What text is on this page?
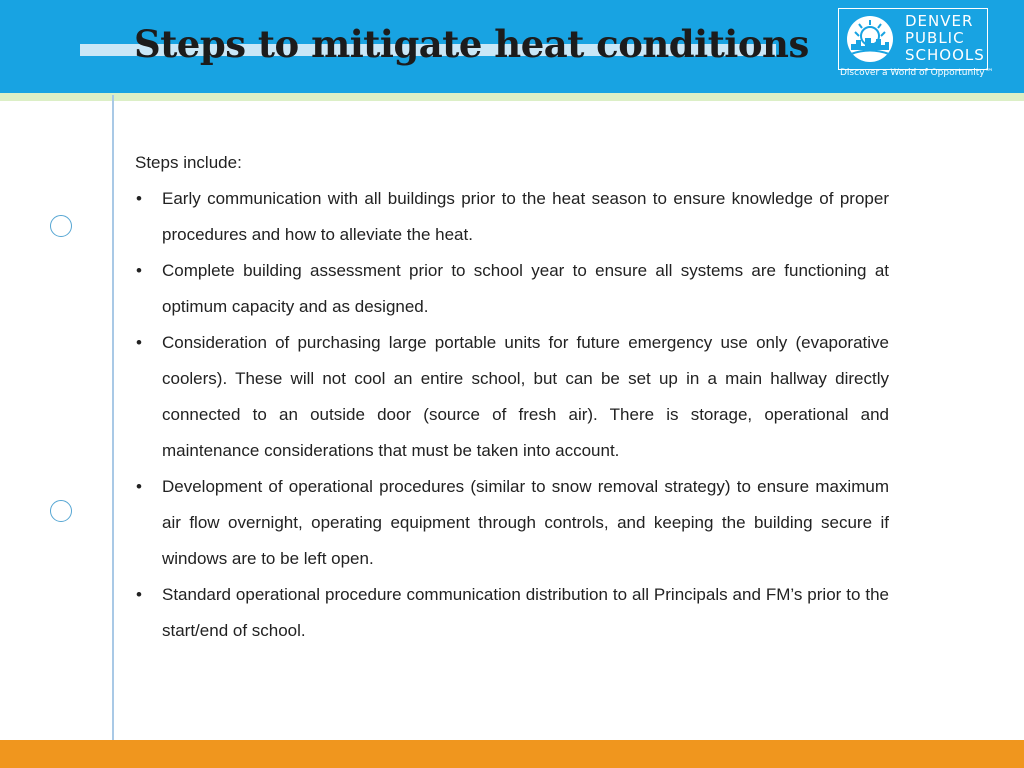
Steps to mitigate heat conditions
DENVER
PUBLIC
SCHOOLS
Discover a World of Opportunity™
Steps include:
• Early communication with all buildings prior to the heat season to ensure knowledge of proper procedures and how to alleviate the heat.
• Complete building assessment prior to school year to ensure all systems are functioning at optimum capacity and as designed.
• Consideration of purchasing large portable units for future emergency use only (evaporative coolers). These will not cool an entire school, but can be set up in a main hallway directly connected to an outside door (source of fresh air). There is storage, operational and maintenance considerations that must be taken into account.
• Development of operational procedures (similar to snow removal strategy) to ensure maximum air flow overnight, operating equipment through controls, and keeping the building secure if windows are to be left open.
• Standard operational procedure communication distribution to all Principals and FM’s prior to the start/end of school.
